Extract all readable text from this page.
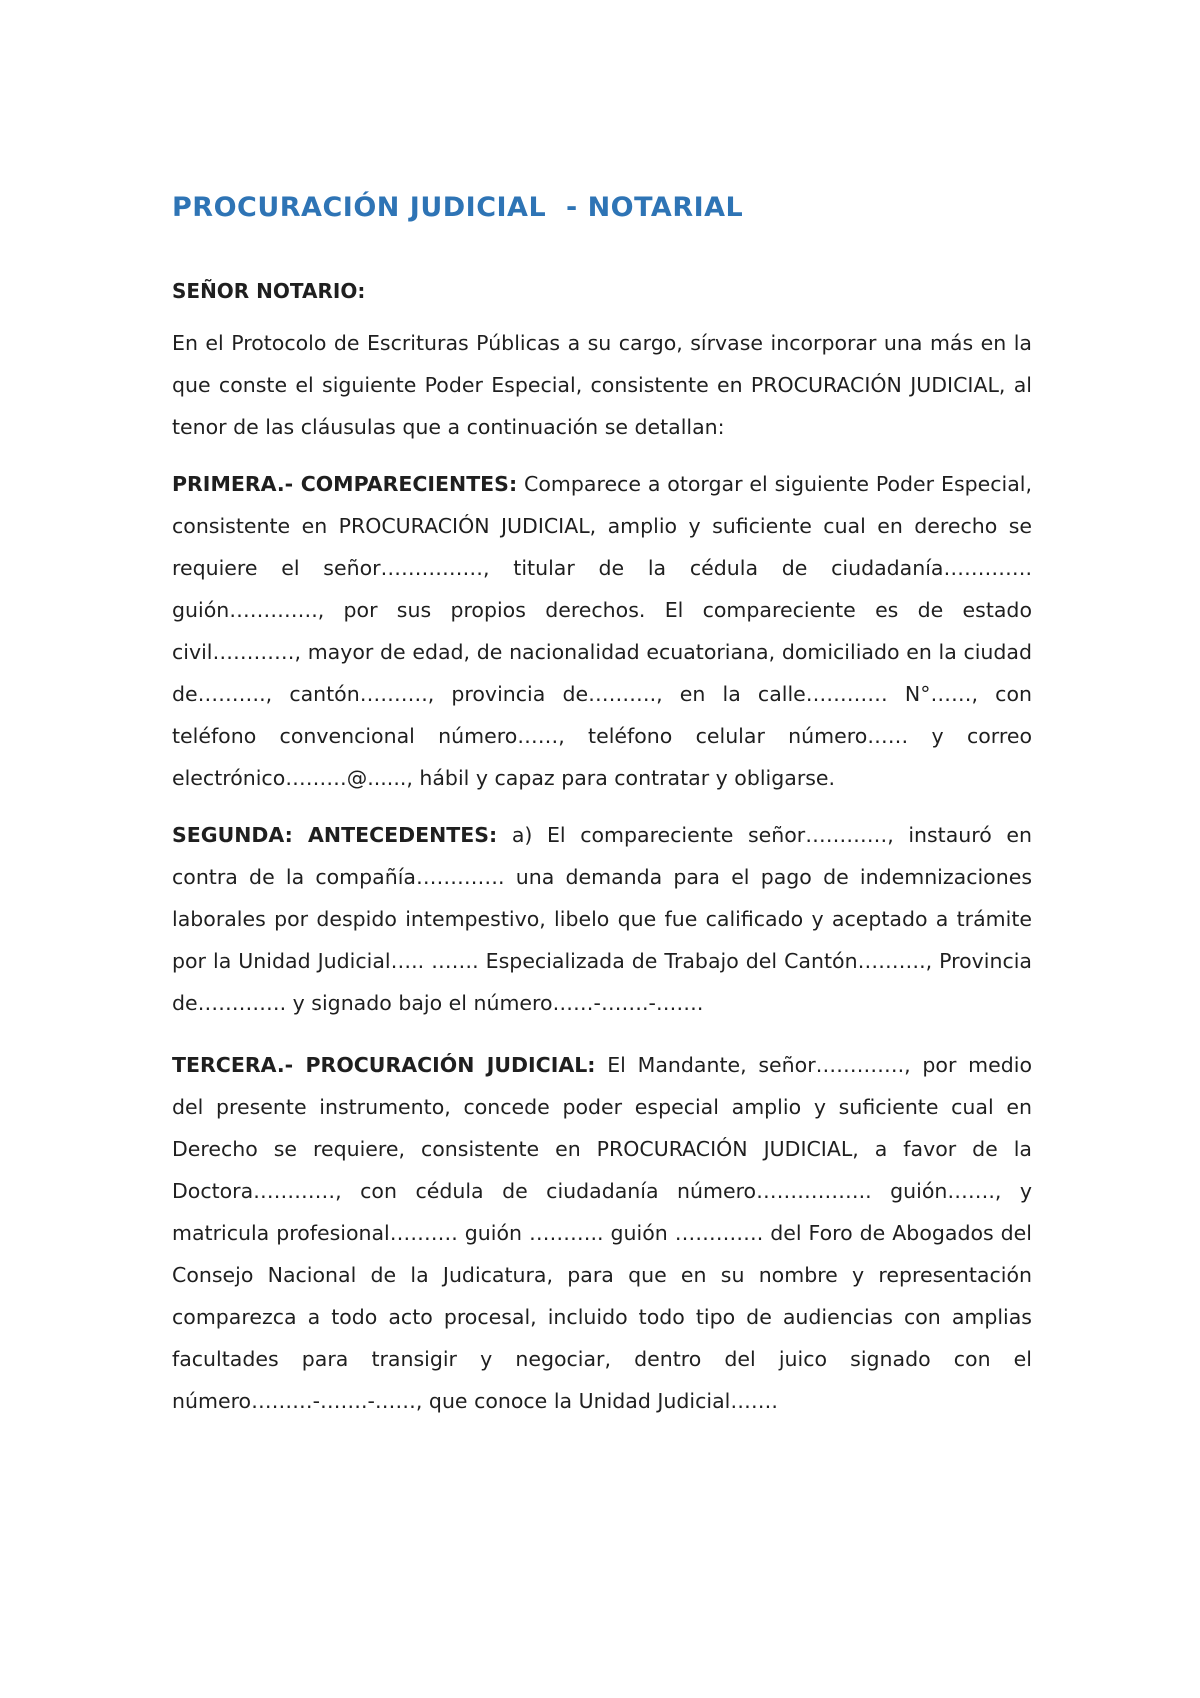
PROCURACIÓN JUDICIAL  - NOTARIAL
SEÑOR NOTARIO:

En el Protocolo de Escrituras Públicas a su cargo, sírvase incorporar una más en la que conste el siguiente Poder Especial, consistente en PROCURACIÓN JUDICIAL, al tenor de las cláusulas que a continuación se detallan:

PRIMERA.- COMPARECIENTES: Comparece a otorgar el siguiente Poder Especial, consistente en PROCURACIÓN JUDICIAL, amplio y suficiente cual en derecho se requiere el señor……………, titular de la cédula de ciudadanía…………. guión…………., por sus propios derechos. El compareciente es de estado civil…………, mayor de edad, de nacionalidad ecuatoriana, domiciliado en la ciudad de………., cantón………., provincia de………., en la calle………… N°……, con teléfono convencional número……, teléfono celular número…… y correo electrónico………@......, hábil y capaz para contratar y obligarse.

SEGUNDA: ANTECEDENTES: a) El compareciente señor…………, instauró en contra de la compañía…………. una demanda para el pago de indemnizaciones laborales por despido intempestivo, libelo que fue calificado y aceptado a trámite por la Unidad Judicial….. ……. Especializada de Trabajo del Cantón………., Provincia de…………. y signado bajo el número……-…….-…….

TERCERA.- PROCURACIÓN JUDICIAL: El Mandante, señor…………., por medio del presente instrumento, concede poder especial amplio y suficiente cual en Derecho se requiere, consistente en PROCURACIÓN JUDICIAL, a favor de la Doctora…………, con cédula de ciudadanía número…………….. guión……., y matricula profesional………. guión ……….. guión …………. del Foro de Abogados del Consejo Nacional de la Judicatura, para que en su nombre y representación comparezca a todo acto procesal, incluido todo tipo de audiencias con amplias facultades para transigir y negociar, dentro del juico signado con el número………-…….-……, que conoce la Unidad Judicial…….
